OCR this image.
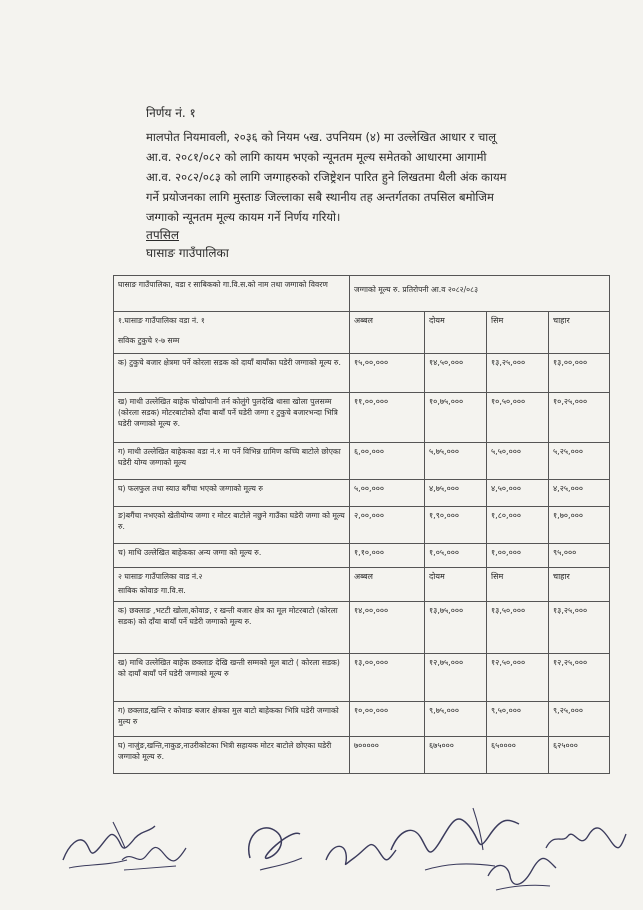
निर्णय नं. १
मालपोत नियमावली, २०३६ को नियम ५ख. उपनियम (४) मा उल्लेखित आधार र चालू
आ.व. २०८१/०८२ को लागि कायम भएको न्यूनतम मूल्य समेतको आधारमा आगामी
आ.व. २०८२/०८३ को लागि जग्गाहरुको रजिष्ट्रेशन पारित हुने लिखतमा थैली अंक कायम
गर्ने प्रयोजनका लागि मुस्ताङ जिल्लाका सबै स्थानीय तह अन्तर्गतका तपसिल बमोजिम
जग्गाको न्यूनतम मूल्य कायम गर्ने निर्णय गरियो।
तपसिल
घासाङ गाउँपालिका
घासाङ गाउँपालिका, वडा र साबिकको गा.वि.स.को नाम तथा जग्गाको विवरण	जग्गाको मूल्य रु. प्रतिरोपनी आ.व २०८२/०८३			

१.घासाङ गाउँपालिका वडा नं. १
सविक टुकुचे १-७ सम्म	अब्बल	दोयम	सिम	चाहार
क) टुकुचे बजार क्षेत्रमा पर्ने कोरला सडक को दायाँ बायाँका घडेरी जग्गाको मूल्य रु.	१५,००,०००	१४,५०,०००	१३,२५,०००	१३,००,०००
ख) माथी उल्लेखित बाहेक चोखोपानी तर्न कोलुंगे पुलदेखि थासा खोला पुलसम्म (कोरला सडक) मोटरबाटोको दाँया बायाँ पर्ने घडेरी जग्गा र टुकुचे बजारभन्दा भित्रि घडेरी जग्गाको मूल्य रु.	११,००,०००	१०,७५,०००	१०,५०,०००	१०,२५,०००
ग) माथी उल्लेखित बाहेकका वडा नं.१ मा पर्ने विभिन्न ग्रामिण कच्चि बाटोले छोएका घडेरी योग्य जग्गाको मूल्य	६,००,०००	५,७५,०००	५,५०,०००	५,२५,०००
घ) फलफुल तथा स्याउ बगैंचा भएको जग्गाको मूल्य रु	५,००,०००	४,७५,०००	४,५०,०००	४,२५,०००
ङ)बगैंचा नभएको खेतीयोग्य जग्गा र मोटर बाटोले नछुने गाउँका घडेरी जग्गा को मूल्य रु.	२,००,०००	१,९०,०००	१,८०,०००	१,७०,०००
च) माथि उल्लेखित बाहेकका अन्य जग्गा को मूल्य रु.	१,१०,०००	१,०५,०००	१,००,०००	९५,०००

२ घासाङ गाउँपालिका वाड नं.२
साबिक कोवाङ गा.वि.स.	अब्बल	दोयम	सिम	चाहार
क) छक्लाङ ,भटटी खोला,कोवाङ, र खन्ती बजार क्षेत्र का मूल मोटरबाटो (कोरला सडक) को दाँया बायाँ पर्ने घडेरी जग्गाको मूल्य रु.	१४,००,०००	१३,७५,०००	१३,५०,०००	१३,२५,०००
ख) माथि उल्लेखित बाहेक छक्लाङ देखि खन्ती सम्मको मूल बाटो ( कोरला सडक) को दायाँ बायाँ पर्ने घडेरी जग्गाको मूल्य रु	१३,००,०००	१२,७५,०००	१२,५०,०००	१२,२५,०००
ग) छक्लाड,खन्ति र कोवाङ बजार क्षेत्रका मुल बाटो बाहेकका भित्रि घडेरी जग्गाको मुल्य रु	१०,००,०००	९,७५,०००	९,५०,०००	९,२५,०००
घ) नाजुंङ,खन्ति,नाकुङ,नाउरीकोटका भित्री सहायक मोटर बाटोले छोएका घडेरी जग्गाको मूल्य रु.	७०००००	६७५०००	६५००००	६२५०००
